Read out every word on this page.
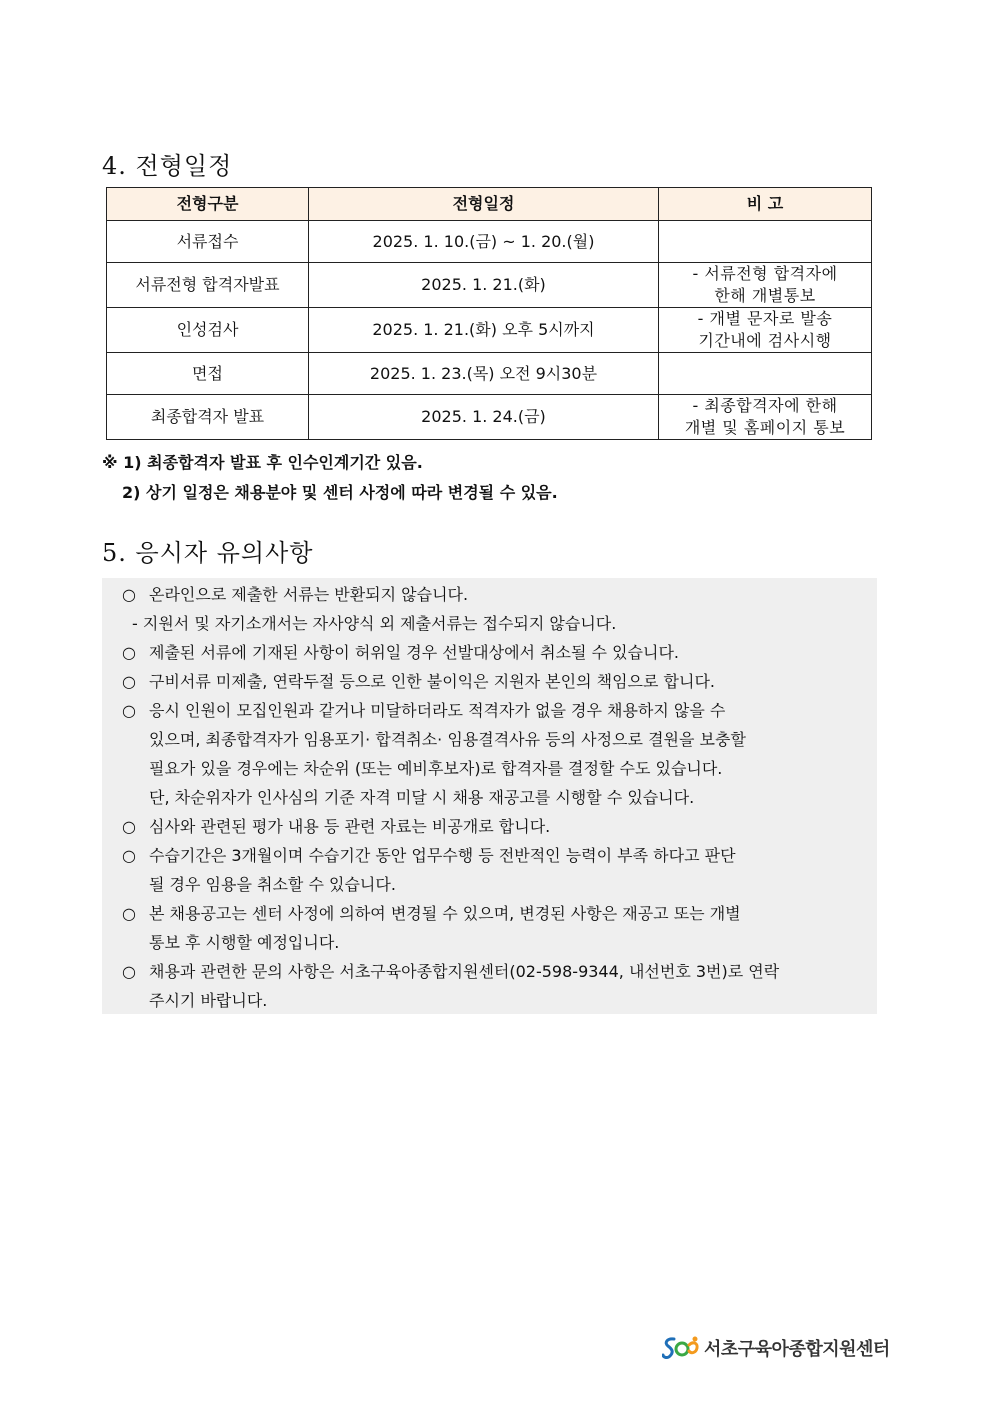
4. 전형일정
전형구분	전형일정	비 고
서류접수	2025. 1. 10.(금) ~ 1. 20.(월)	
서류전형 합격자발표	2025. 1. 21.(화)	- 서류전형 합격자에
한해 개별통보

인성검사	2025. 1. 21.(화) 오후 5시까지	- 개별 문자로 발송
기간내에 검사시행

면접	2025. 1. 23.(목) 오전 9시30분	
최종합격자 발표	2025. 1. 24.(금)	- 최종합격자에 한해
개별 및 홈페이지 통보
※ 1) 최종합격자 발표 후 인수인계기간 있음.
2) 상기 일정은 채용분야 및 센터 사정에 따라 변경될 수 있음.
5. 응시자 유의사항
○ 온라인으로 제출한 서류는 반환되지 않습니다.
- 지원서 및 자기소개서는 자사양식 외 제출서류는 접수되지 않습니다.
○ 제출된 서류에 기재된 사항이 허위일 경우 선발대상에서 취소될 수 있습니다.
○ 구비서류 미제출, 연락두절 등으로 인한 불이익은 지원자 본인의 책임으로 합니다.
○ 응시 인원이 모집인원과 같거나 미달하더라도 적격자가 없을 경우 채용하지 않을 수
있으며, 최종합격자가 임용포기· 합격취소· 임용결격사유 등의 사정으로 결원을 보충할
필요가 있을 경우에는 차순위 (또는 예비후보자)로 합격자를 결정할 수도 있습니다.
단, 차순위자가 인사심의 기준 자격 미달 시 채용 재공고를 시행할 수 있습니다.
○ 심사와 관련된 평가 내용 등 관련 자료는 비공개로 합니다.
○ 수습기간은 3개월이며 수습기간 동안 업무수행 등 전반적인 능력이 부족 하다고 판단
될 경우 임용을 취소할 수 있습니다.
○ 본 채용공고는 센터 사정에 의하여 변경될 수 있으며, 변경된 사항은 재공고 또는 개별
통보 후 시행할 예정입니다.
○ 채용과 관련한 문의 사항은 서초구육아종합지원센터(02-598-9344, 내선번호 3번)로 연락
주시기 바랍니다.
서초구육아종합지원센터
